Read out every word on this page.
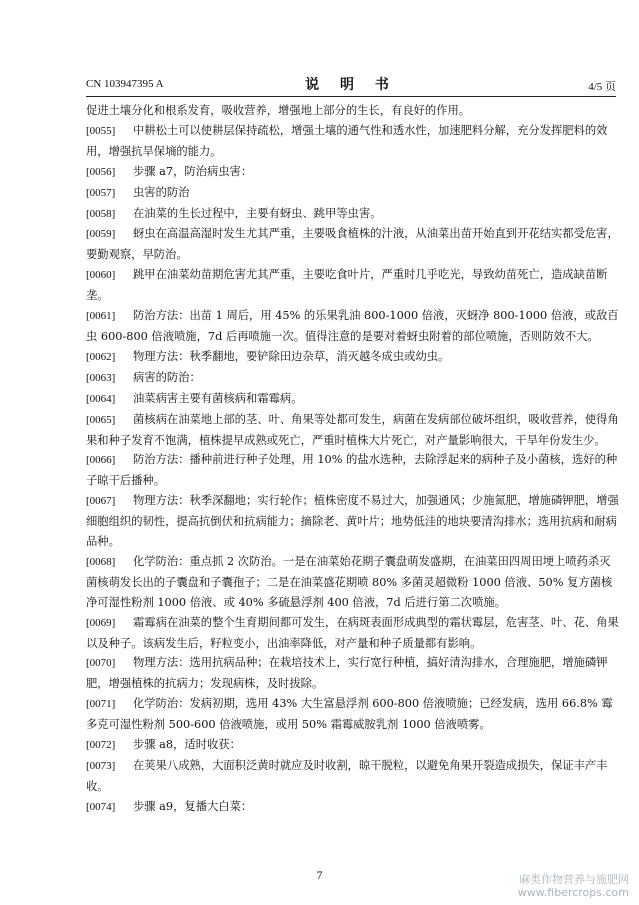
CN 103947395 A	说 明 书	4/5 页

促进土壤分化和根系发育，吸收营养，增强地上部分的生长，有良好的作用。

[0055] 中耕松土可以使耕层保持疏松，增强土壤的通气性和透水性，加速肥料分解，充分发挥肥料的效用，增强抗旱保墒的能力。

[0056] 步骤 a7，防治病虫害：

[0057] 虫害的防治

[0058] 在油菜的生长过程中，主要有蚜虫、跳甲等虫害。

[0059] 蚜虫在高温高湿时发生尤其严重，主要吸食植株的汁液，从油菜出苗开始直到开花结实都受危害，要勤观察，早防治。

[0060] 跳甲在油菜幼苗期危害尤其严重，主要吃食叶片，严重时几乎吃光，导致幼苗死亡，造成缺苗断垄。

[0061] 防治方法：出苗 1 周后，用 45% 的乐果乳油 800-1000 倍液，灭蚜净 800-1000 倍液，或敌百虫 600-800 倍液喷施，7d 后再喷施一次。值得注意的是要对着蚜虫附着的部位喷施，否则防效不大。

[0062] 物理方法：秋季翻地，要铲除田边杂草，消灭越冬成虫或幼虫。

[0063] 病害的防治：

[0064] 油菜病害主要有菌核病和霜霉病。

[0065] 菌核病在油菜地上部的茎、叶、角果等处都可发生，病菌在发病部位破坏组织，吸收营养，使得角果和种子发育不饱满，植株提早成熟或死亡，严重时植株大片死亡，对产量影响很大，干旱年份发生少。

[0066] 防治方法：播种前进行种子处理，用 10% 的盐水选种，去除浮起来的病种子及小菌核，选好的种子晾干后播种。

[0067] 物理方法：秋季深翻地；实行轮作；植株密度不易过大，加强通风；少施氮肥，增施磷钾肥，增强细胞组织的韧性，提高抗倒伏和抗病能力；摘除老、黄叶片；地势低洼的地块要清沟排水；选用抗病和耐病品种。

[0068] 化学防治：重点抓 2 次防治。一是在油菜始花期子囊盘萌发盛期，在油菜田四周田埂上喷药杀灭菌核萌发长出的子囊盘和子囊孢子；二是在油菜盛花期喷 80% 多菌灵超微粉 1000 倍液、50% 复方菌核净可湿性粉剂 1000 倍液、或 40% 多硫悬浮剂 400 倍液，7d 后进行第二次喷施。

[0069] 霜霉病在油菜的整个生育期间都可发生，在病斑表面形成典型的霜状霉层，危害茎、叶、花、角果以及种子。该病发生后，籽粒变小，出油率降低，对产量和种子质量都有影响。

[0070] 物理方法：选用抗病品种；在栽培技术上，实行宽行种植，搞好清沟排水，合理施肥，增施磷钾肥，增强植株的抗病力；发现病株，及时拔除。

[0071] 化学防治：发病初期，选用 43% 大生富悬浮剂 600-800 倍液喷施；已经发病，选用 66.8% 霉多克可湿性粉剂 500-600 倍液喷施，或用 50% 霜霉威胺乳剂 1000 倍液喷雾。

[0072] 步骤 a8，适时收获：

[0073] 在荚果八成熟，大面积泛黄时就应及时收割，晾干脱粒，以避免角果开裂造成损失，保证丰产丰收。

[0074] 步骤 a9，复播大白菜：

7	麻类作物营养与施肥网
www.fibercrops.com
